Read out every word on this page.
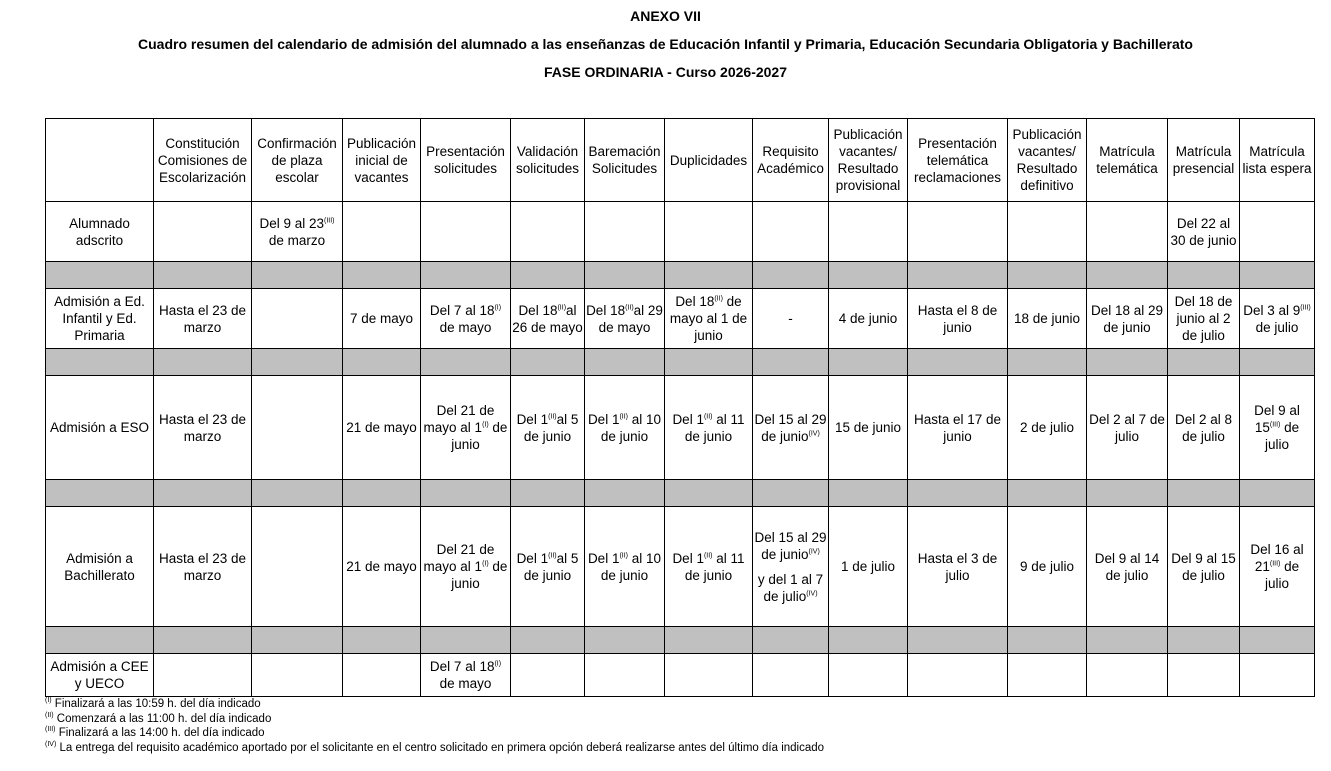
ANEXO VII
Cuadro resumen del calendario de admisión del alumnado a las enseñanzas de Educación Infantil y Primaria, Educación Secundaria Obligatoria y Bachillerato
FASE ORDINARIA - Curso 2026-2027
	Constitución Comisiones de Escolarización	Confirmación de plaza escolar	Publicación inicial de vacantes	Presentación solicitudes	Validación solicitudes	Baremación Solicitudes	Duplicidades	Requisito Académico	Publicación vacantes/ Resultado provisional	Presentación telemática reclamaciones	Publicación vacantes/ Resultado definitivo	Matrícula telemática	Matrícula presencial	Matrícula lista espera
Alumnado adscrito		Del 9 al $23^{(III)}$ de marzo											Del 22 al 30 de junio	

Admisión a Ed. Infantil y Ed. Primaria	Hasta el 23 de marzo		7 de mayo	Del 7 al $18^{(I)}$ de mayo	Del $18^{(II)}al$ 26 de mayo	Del $18^{(II)}al$ 29 de mayo	Del $18^{(II)}$ de mayo al 1 de junio	-	4 de junio	Hasta el 8 de junio	18 de junio	Del 18 al 29 de junio	Del 18 de junio al 2 de julio	Del 3 al $9^{(III)}$ de julio

Admisión a ESO	Hasta el 23 de marzo		21 de mayo	Del 21 de mayo al $1^{(I)}$ de junio	Del $1^{(II)}al$ 5 de junio	Del $1^{(II)}$ al 10 de junio	Del $1^{(II)}$ al 11 de junio	Del 15 al 29 de junio$^{(IV)}$	15 de junio	Hasta el 17 de junio	2 de julio	Del 2 al 7 de julio	Del 2 al 8 de julio	Del 9 al $15^{(III)}$ de julio

Admisión a Bachillerato	Hasta el 23 de marzo		21 de mayo	Del 21 de mayo al $1^{(I)}$ de junio	Del $1^{(II)}al$ 5 de junio	Del $1^{(II)}$ al 10 de junio	Del $1^{(II)}$ al 11 de junio	Del 15 al 29 de junio$^{(IV)}$
y del 1 al 7 de julio$^{(IV)}$	1 de julio	Hasta el 3 de julio	9 de julio	Del 9 al 14 de julio	Del 9 al 15 de julio	Del 16 al $21^{(III)}$ de julio

Admisión a CEE y UECO				Del 7 al $18^{(I)}$ de mayo										
$^{(I)}$ Finalizará a las 10:59 h. del día indicado
$^{(II)}$ Comenzará a las 11:00 h. del día indicado
$^{(III)}$ Finalizará a las 14:00 h. del día indicado
$^{(IV)}$ La entrega del requisito académico aportado por el solicitante en el centro solicitado en primera opción deberá realizarse antes del último día indicado
